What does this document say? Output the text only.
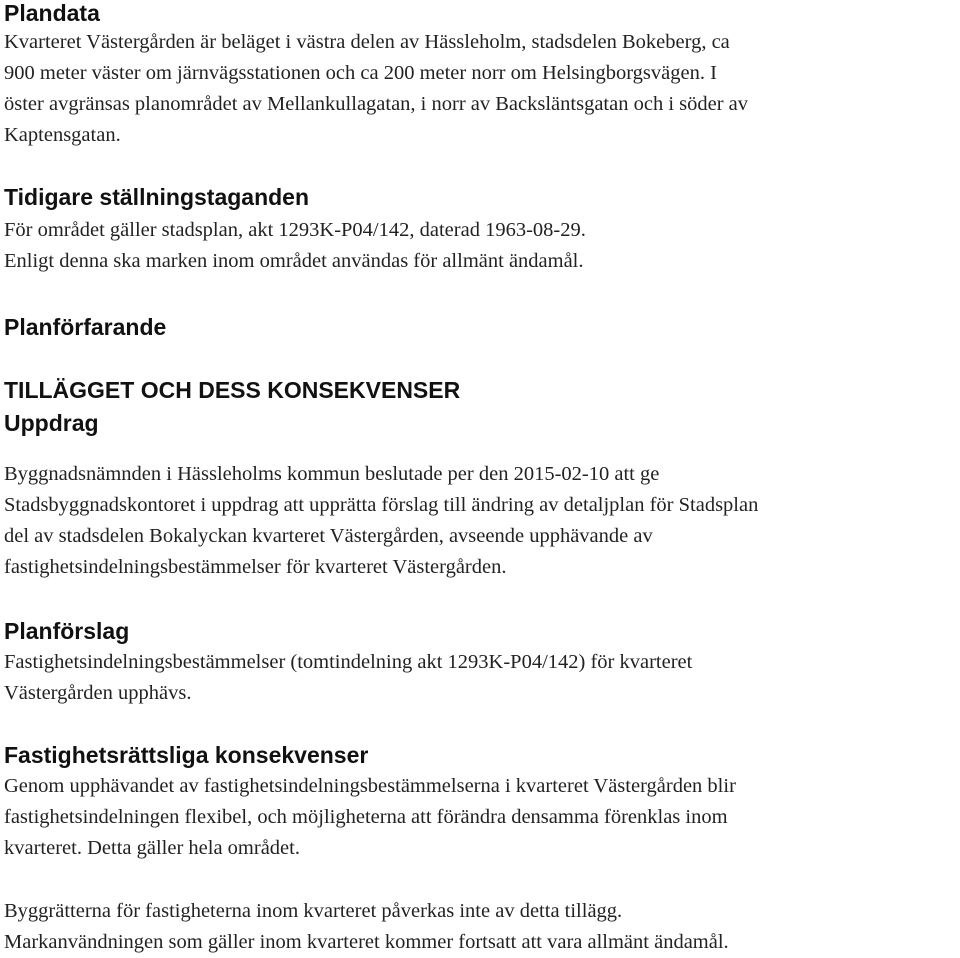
Plandata
Kvarteret Västergården är beläget i västra delen av Hässleholm, stadsdelen Bokeberg, ca
900 meter väster om järnvägsstationen och ca 200 meter norr om Helsingborgsvägen. I
öster avgränsas planområdet av Mellankullagatan, i norr av Backsläntsgatan och i söder av
Kaptensgatan.
Tidigare ställningstaganden
För området gäller stadsplan, akt 1293K-P04/142, daterad 1963-08-29.
Enligt denna ska marken inom området användas för allmänt ändamål.
Planförfarande
TILLÄGGET OCH DESS KONSEKVENSER
Uppdrag
Byggnadsnämnden i Hässleholms kommun beslutade per den 2015-02-10 att ge
Stadsbyggnadskontoret i uppdrag att upprätta förslag till ändring av detaljplan för Stadsplan
del av stadsdelen Bokalyckan kvarteret Västergården, avseende upphävande av
fastighetsindelningsbestämmelser för kvarteret Västergården.
Planförslag
Fastighetsindelningsbestämmelser (tomtindelning akt 1293K-P04/142) för kvarteret
Västergården upphävs.
Fastighetsrättsliga konsekvenser
Genom upphävandet av fastighetsindelningsbestämmelserna i kvarteret Västergården blir
fastighetsindelningen flexibel, och möjligheterna att förändra densamma förenklas inom
kvarteret. Detta gäller hela området.
Byggrätterna för fastigheterna inom kvarteret påverkas inte av detta tillägg.
Markanvändningen som gäller inom kvarteret kommer fortsatt att vara allmänt ändamål.
